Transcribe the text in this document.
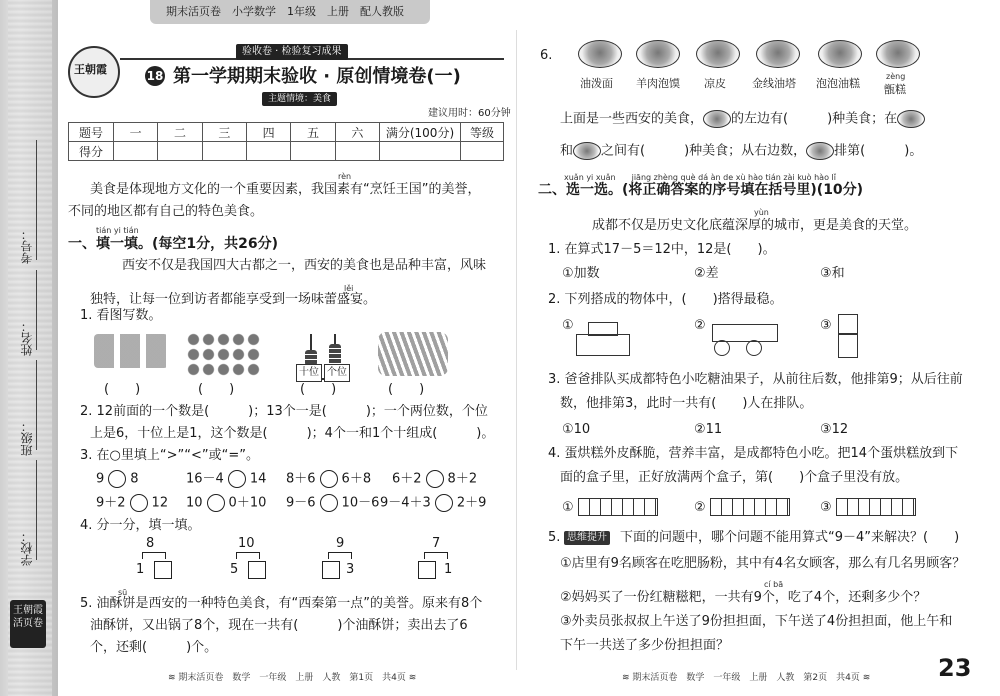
考号：
姓名：
班级：
学校：
王朝霞
活页卷
期末活页卷　小学数学　1年级　上册　配人教版
王朝霞
验收卷 · 检验复习成果
18 第一学期期末验收 · 原创情境卷(一)
主题情境：美食
建议用时：60分钟
题号	一	二	三	四	五	六	满分(100分)	等级
得分								
rèn
美食是体现地方文化的一个重要因素，我国素有“烹饪王国”的美誉，
不同的地区都有自己的特色美食。
tián yi tián
一、填一填。(每空1分，共26分)
西安不仅是我国四大古都之一，西安的美食也是品种丰富，风味
lěi
独特，让每一位到访者都能享受到一场味蕾盛宴。
1. 看图写数。
十位 个位
(　　)	(　　)	(　　)	(　　)
2. 12前面的一个数是(　　　)；13个一是(　　　)；一个两位数，个位
上是6，十位上是1，这个数是(　　　)；4个一和1个十组成(　　　)。
3. 在○里填上“>”“<”或“=”。
9 8	16－4 14 8＋6 6＋8 6＋2 8＋2
9＋2 12 10 0＋10 9－6 10－6 9－4＋3 2＋9
4. 分一分，填一填。
8
1
10
5
9
3
7
1
sū
5. 油酥饼是西安的一种特色美食，有“西秦第一点”的美誉。原来有8个
油酥饼，又出锅了8个，现在一共有(　　　)个油酥饼；卖出去了6
个，还剩(　　　)个。
≋ 期末活页卷　数学　一年级　上册　人教　第1页　共4页 ≋
6.
油泼面 羊肉泡馍 凉皮 金线油塔 泡泡油糕
zèng
甑糕
上面是一些西安的美食， 的左边有(　　　)种美食；在
和 之间有(　　　)种美食；从右边数， 排第(　　　)。
xuǎn yi xuǎn　　jiāng zhèng què dá àn de xù hào tián zài kuò hào lǐ
二、选一选。(将正确答案的序号填在括号里)(10分)
yùn
成都不仅是历史文化底蕴深厚的城市，更是美食的天堂。
1. 在算式17－5＝12中，12是(　　)。
①加数	②差	③和
2. 下列搭成的物体中，(　　)搭得最稳。
①	②	③
3. 爸爸排队买成都特色小吃糖油果子，从前往后数，他排第9；从后往前
数，他排第3，此时一共有(　　)人在排队。
①10	②11	③12
4. 蛋烘糕外皮酥脆，营养丰富，是成都特色小吃。把14个蛋烘糕放到下
面的盒子里，正好放满两个盒子，第(　　)个盒子里没有放。
①	②	③
5. 思维提升 下面的问题中，哪个问题不能用算式“9－4”来解决？(　　)
①店里有9名顾客在吃肥肠粉，其中有4名女顾客，那么有几名男顾客？
cí bā
②妈妈买了一份红糖糍粑，一共有9个，吃了4个，还剩多少个？
③外卖员张叔叔上午送了9份担担面，下午送了4份担担面，他上午和
下午一共送了多少份担担面？
≋ 期末活页卷　数学　一年级　上册　人教　第2页　共4页 ≋	23
